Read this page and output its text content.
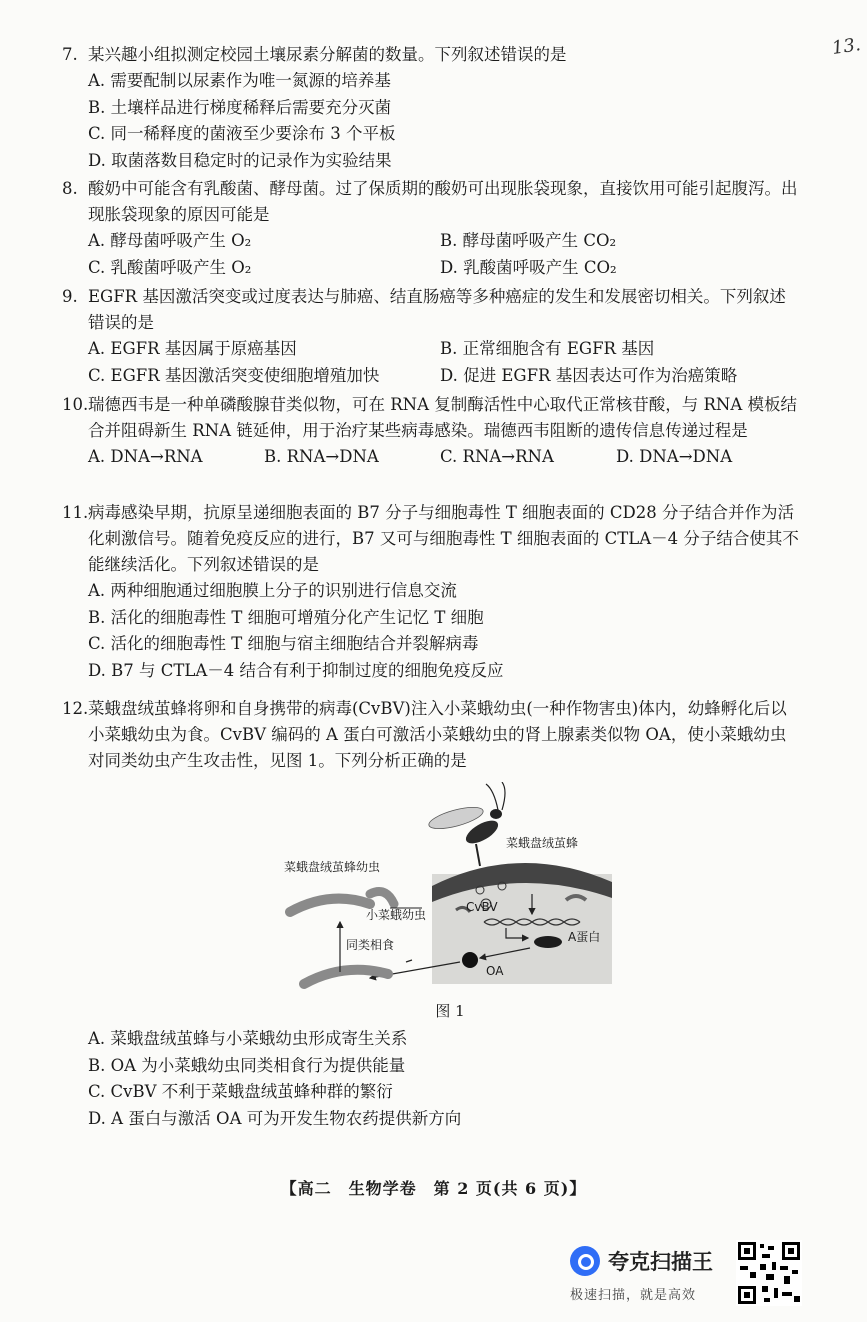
13.

7. 某兴趣小组拟测定校园土壤尿素分解菌的数量。下列叙述错误的是

A. 需要配制以尿素作为唯一氮源的培养基

B. 土壤样品进行梯度稀释后需要充分灭菌

C. 同一稀释度的菌液至少要涂布 3 个平板

D. 取菌落数目稳定时的记录作为实验结果

8. 酸奶中可能含有乳酸菌、酵母菌。过了保质期的酸奶可出现胀袋现象，直接饮用可能引起腹泻。出现胀袋现象的原因可能是

A. 酵母菌呼吸产生 O₂	B. 酵母菌呼吸产生 CO₂
C. 乳酸菌呼吸产生 O₂	D. 乳酸菌呼吸产生 CO₂

9. EGFR 基因激活突变或过度表达与肺癌、结直肠癌等多种癌症的发生和发展密切相关。下列叙述错误的是

A. EGFR 基因属于原癌基因	B. 正常细胞含有 EGFR 基因
C. EGFR 基因激活突变使细胞增殖加快	D. 促进 EGFR 基因表达可作为治癌策略

10.瑞德西韦是一种单磷酸腺苷类似物，可在 RNA 复制酶活性中心取代正常核苷酸，与 RNA 模板结合并阻碍新生 RNA 链延伸，用于治疗某些病毒感染。瑞德西韦阻断的遗传信息传递过程是

A. DNA→RNA	B. RNA→DNA	C. RNA→RNA	D. DNA→DNA

11.病毒感染早期，抗原呈递细胞表面的 B7 分子与细胞毒性 T 细胞表面的 CD28 分子结合并作为活化刺激信号。随着免疫反应的进行，B7 又可与细胞毒性 T 细胞表面的 CTLA－4 分子结合使其不能继续活化。下列叙述错误的是

A. 两种细胞通过细胞膜上分子的识别进行信息交流

B. 活化的细胞毒性 T 细胞可增殖分化产生记忆 T 细胞

C. 活化的细胞毒性 T 细胞与宿主细胞结合并裂解病毒

D. B7 与 CTLA－4 结合有利于抑制过度的细胞免疫反应

12.菜蛾盘绒茧蜂将卵和自身携带的病毒(CvBV)注入小菜蛾幼虫(一种作物害虫)体内，幼蜂孵化后以小菜蛾幼虫为食。CvBV 编码的 A 蛋白可激活小菜蛾幼虫的肾上腺素类似物 OA，使小菜蛾幼虫对同类幼虫产生攻击性，见图 1。下列分析正确的是

菜蛾盘绒茧蜂
菜蛾盘绒茧蜂幼虫
小菜蛾幼虫
同类相食
CvBV
A蛋白
OA
图 1

A. 菜蛾盘绒茧蜂与小菜蛾幼虫形成寄生关系

B. OA 为小菜蛾幼虫同类相食行为提供能量

C. CvBV 不利于菜蛾盘绒茧蜂种群的繁衍

D. A 蛋白与激活 OA 可为开发生物农药提供新方向

【高二　生物学卷　第 2 页(共 6 页)】
夸克扫描王
极速扫描，就是高效
